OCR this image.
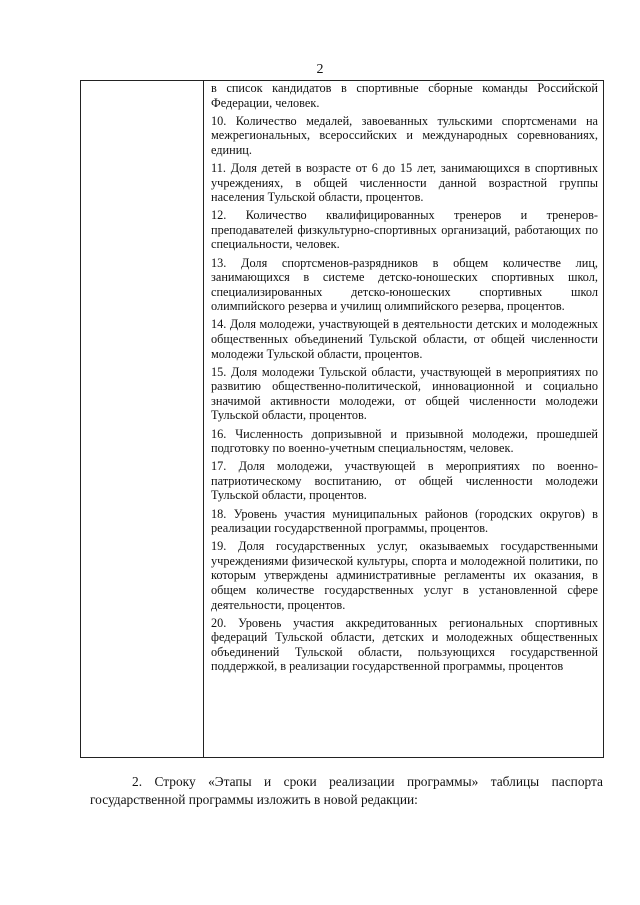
2

в список кандидатов в спортивные сборные команды Российской Федерации, человек.

10. Количество медалей, завоеванных тульскими спортсменами на межрегиональных, всероссийских и международных соревнованиях, единиц.

11. Доля детей в возрасте от 6 до 15 лет, занимающихся в спортивных учреждениях, в общей численности данной возрастной группы населения Тульской области, процентов.

12. Количество квалифицированных тренеров и тренеров-преподавателей физкультурно-спортивных организаций, работающих по специальности, человек.

13. Доля спортсменов-разрядников в общем количестве лиц, занимающихся в системе детско-юношеских спортивных школ, специализированных детско-юношеских спортивных школ олимпийского резерва и училищ олимпийского резерва, процентов.

14. Доля молодежи, участвующей в деятельности детских и молодежных общественных объединений Тульской области, от общей численности молодежи Тульской области, процентов.

15. Доля молодежи Тульской области, участвующей в мероприятиях по развитию общественно-политической, инновационной и социально значимой активности молодежи, от общей численности молодежи Тульской области, процентов.

16. Численность допризывной и призывной молодежи, прошедшей подготовку по военно-учетным специальностям, человек.

17. Доля молодежи, участвующей в мероприятиях по военно-патриотическому воспитанию, от общей численности молодежи Тульской области, процентов.

18. Уровень участия муниципальных районов (городских округов) в реализации государственной программы, процентов.

19. Доля государственных услуг, оказываемых государственными учреждениями физической культуры, спорта и молодежной политики, по которым утверждены административные регламенты их оказания, в общем количестве государственных услуг в установленной сфере деятельности, процентов.

20. Уровень участия аккредитованных региональных спортивных федераций Тульской области, детских и молодежных общественных объединений Тульской области, пользующихся государственной поддержкой, в реализации государственной программы, процентов

2. Строку «Этапы и сроки реализации программы» таблицы паспорта государственной программы изложить в новой редакции:
